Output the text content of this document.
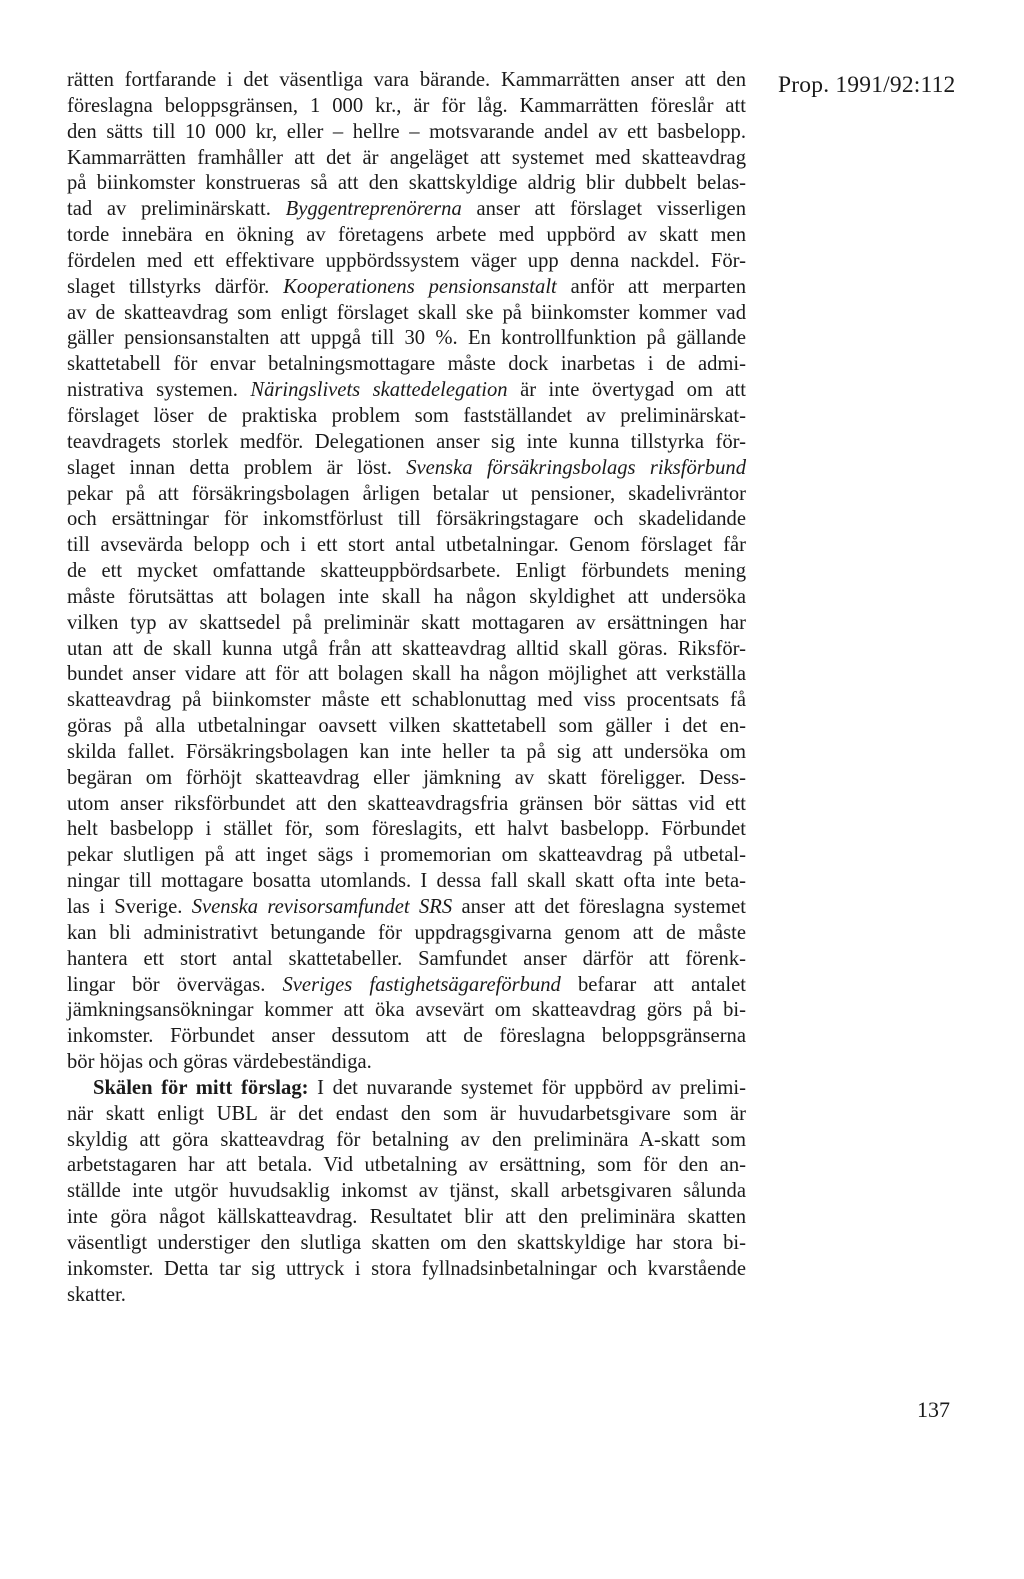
Prop. 1991/92:112
rätten fortfarande i det väsentliga vara bärande. Kammarrätten anser att den
föreslagna beloppsgränsen, 1 000 kr., är för låg. Kammarrätten föreslår att
den sätts till 10 000 kr, eller – hellre – motsvarande andel av ett basbelopp.
Kammarrätten framhåller att det är angeläget att systemet med skatteavdrag
på biinkomster konstrueras så att den skattskyldige aldrig blir dubbelt belas-
tad av preliminärskatt. Byggentreprenörerna anser att förslaget visserligen
torde innebära en ökning av företagens arbete med uppbörd av skatt men
fördelen med ett effektivare uppbördssystem väger upp denna nackdel. För-
slaget tillstyrks därför. Kooperationens pensionsanstalt anför att merparten
av de skatteavdrag som enligt förslaget skall ske på biinkomster kommer vad
gäller pensionsanstalten att uppgå till 30 %. En kontrollfunktion på gällande
skattetabell för envar betalningsmottagare måste dock inarbetas i de admi-
nistrativa systemen. Näringslivets skattedelegation är inte övertygad om att
förslaget löser de praktiska problem som fastställandet av preliminärskat-
teavdragets storlek medför. Delegationen anser sig inte kunna tillstyrka för-
slaget innan detta problem är löst. Svenska försäkringsbolags riksförbund
pekar på att försäkringsbolagen årligen betalar ut pensioner, skadelivräntor
och ersättningar för inkomstförlust till försäkringstagare och skadelidande
till avsevärda belopp och i ett stort antal utbetalningar. Genom förslaget får
de ett mycket omfattande skatteuppbördsarbete. Enligt förbundets mening
måste förutsättas att bolagen inte skall ha någon skyldighet att undersöka
vilken typ av skattsedel på preliminär skatt mottagaren av ersättningen har
utan att de skall kunna utgå från att skatteavdrag alltid skall göras. Riksför-
bundet anser vidare att för att bolagen skall ha någon möjlighet att verkställa
skatteavdrag på biinkomster måste ett schablonuttag med viss procentsats få
göras på alla utbetalningar oavsett vilken skattetabell som gäller i det en-
skilda fallet. Försäkringsbolagen kan inte heller ta på sig att undersöka om
begäran om förhöjt skatteavdrag eller jämkning av skatt föreligger. Dess-
utom anser riksförbundet att den skatteavdragsfria gränsen bör sättas vid ett
helt basbelopp i stället för, som föreslagits, ett halvt basbelopp. Förbundet
pekar slutligen på att inget sägs i promemorian om skatteavdrag på utbetal-
ningar till mottagare bosatta utomlands. I dessa fall skall skatt ofta inte beta-
las i Sverige. Svenska revisorsamfundet SRS anser att det föreslagna systemet
kan bli administrativt betungande för uppdragsgivarna genom att de måste
hantera ett stort antal skattetabeller. Samfundet anser därför att förenk-
lingar bör övervägas. Sveriges fastighetsägareförbund befarar att antalet
jämkningsansökningar kommer att öka avsevärt om skatteavdrag görs på bi-
inkomster. Förbundet anser dessutom att de föreslagna beloppsgränserna
bör höjas och göras värdebeständiga.
Skälen för mitt förslag: I det nuvarande systemet för uppbörd av prelimi-
när skatt enligt UBL är det endast den som är huvudarbetsgivare som är
skyldig att göra skatteavdrag för betalning av den preliminära A-skatt som
arbetstagaren har att betala. Vid utbetalning av ersättning, som för den an-
ställde inte utgör huvudsaklig inkomst av tjänst, skall arbetsgivaren sålunda
inte göra något källskatteavdrag. Resultatet blir att den preliminära skatten
väsentligt understiger den slutliga skatten om den skattskyldige har stora bi-
inkomster. Detta tar sig uttryck i stora fyllnadsinbetalningar och kvarstående
skatter.
137
